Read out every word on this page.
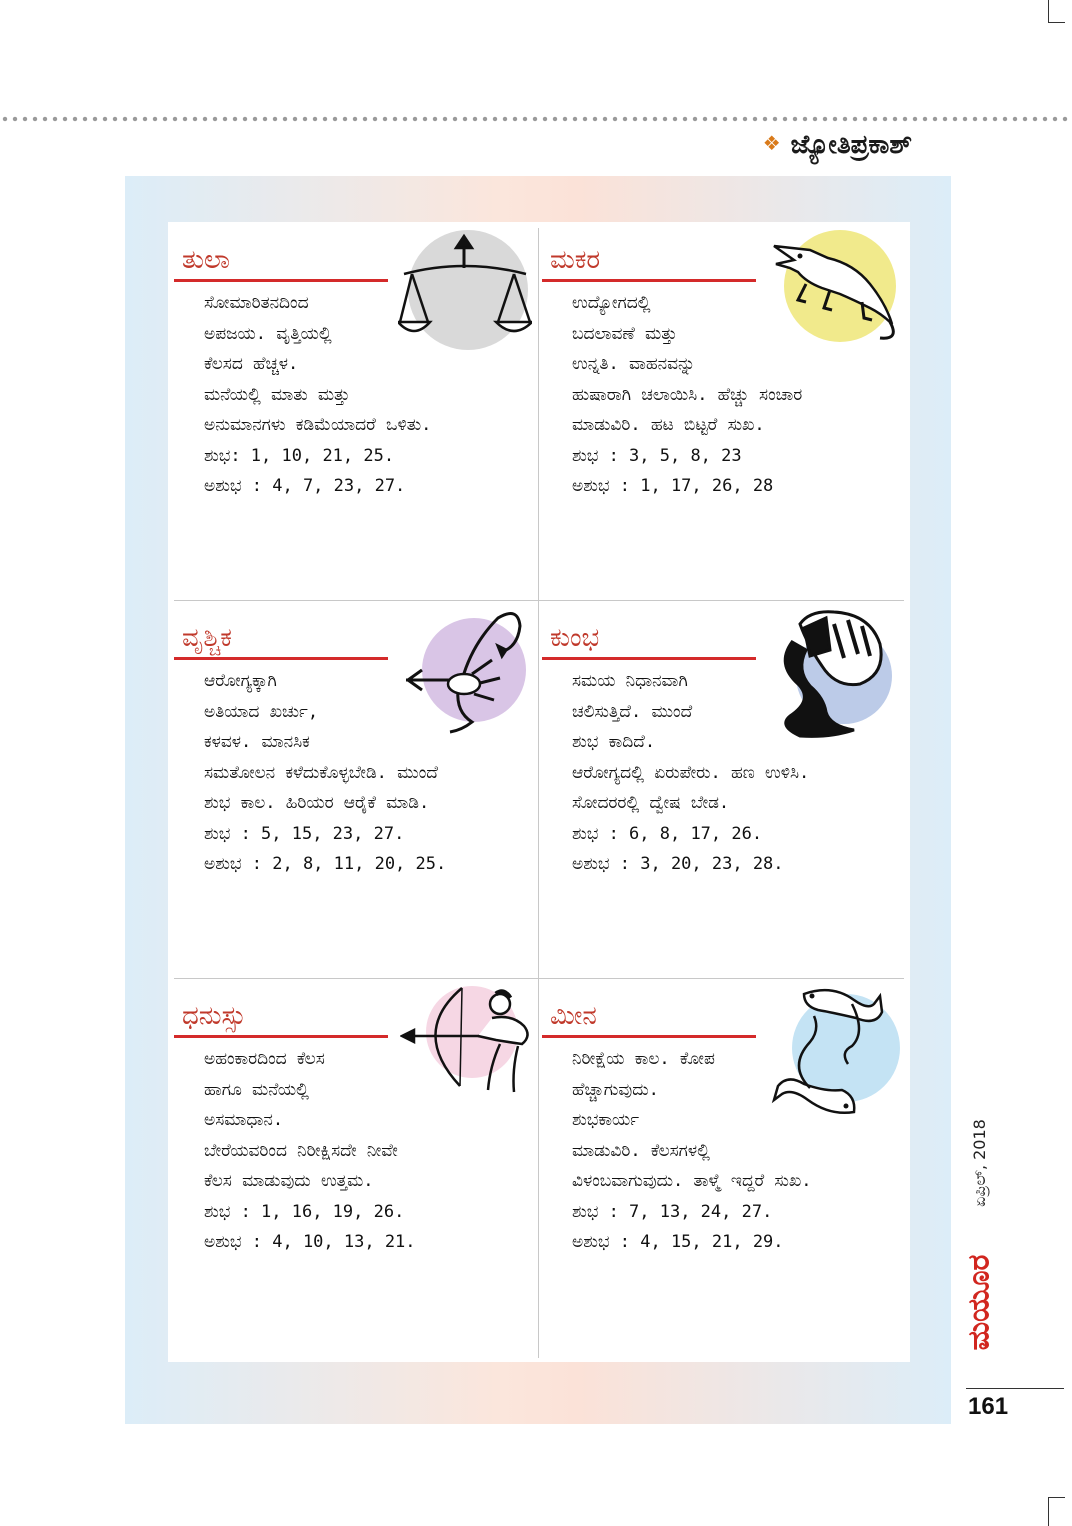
❖ ಜ್ಯೋತಿಪ್ರಕಾಶ್
ತುಲಾ
ಸೋಮಾರಿತನದಿಂದ
ಅಪಜಯ. ವೃತ್ತಿಯಲ್ಲಿ
ಕೆಲಸದ ಹೆಚ್ಚಳ.
ಮನೆಯಲ್ಲಿ ಮಾತು ಮತ್ತು
ಅನುಮಾನಗಳು ಕಡಿಮೆಯಾದರೆ ಒಳಿತು.
ಶುಭ: 1, 10, 21, 25.
ಅಶುಭ : 4, 7, 23, 27.
ಮಕರ
ಉದ್ಯೋಗದಲ್ಲಿ
ಬದಲಾವಣೆ ಮತ್ತು
ಉನ್ನತಿ. ವಾಹನವನ್ನು
ಹುಷಾರಾಗಿ ಚಲಾಯಿಸಿ. ಹೆಚ್ಚು ಸಂಚಾರ
ಮಾಡುವಿರಿ. ಹಟ ಬಿಟ್ಟರೆ ಸುಖ.
ಶುಭ : 3, 5, 8, 23
ಅಶುಭ : 1, 17, 26, 28
ವೃಶ್ಚಿಕ
ಆರೋಗ್ಯಕ್ಕಾಗಿ
ಅತಿಯಾದ ಖರ್ಚು,
ಕಳವಳ. ಮಾನಸಿಕ
ಸಮತೋಲನ ಕಳೆದುಕೊಳ್ಳಬೇಡಿ. ಮುಂದೆ
ಶುಭ ಕಾಲ. ಹಿರಿಯರ ಆರೈಕೆ ಮಾಡಿ.
ಶುಭ : 5, 15, 23, 27.
ಅಶುಭ : 2, 8, 11, 20, 25.
ಕುಂಭ
ಸಮಯ ನಿಧಾನವಾಗಿ
ಚಲಿಸುತ್ತಿದೆ. ಮುಂದೆ
ಶುಭ ಕಾದಿದೆ.
ಆರೋಗ್ಯದಲ್ಲಿ ಏರುಪೇರು. ಹಣ ಉಳಿಸಿ.
ಸೋದರರಲ್ಲಿ ದ್ವೇಷ ಬೇಡ.
ಶುಭ : 6, 8, 17, 26.
ಅಶುಭ : 3, 20, 23, 28.
ಧನುಸ್ಸು
ಅಹಂಕಾರದಿಂದ ಕೆಲಸ
ಹಾಗೂ ಮನೆಯಲ್ಲಿ
ಅಸಮಾಧಾನ.
ಬೇರೆಯವರಿಂದ ನಿರೀಕ್ಷಿಸದೇ ನೀವೇ
ಕೆಲಸ ಮಾಡುವುದು ಉತ್ತಮ.
ಶುಭ : 1, 16, 19, 26.
ಅಶುಭ : 4, 10, 13, 21.
ಮೀನ
ನಿರೀಕ್ಷೆಯ ಕಾಲ. ಕೋಪ
ಹೆಚ್ಚಾಗುವುದು.
ಶುಭಕಾರ್ಯ
ಮಾಡುವಿರಿ. ಕೆಲಸಗಳಲ್ಲಿ
ವಿಳಂಬವಾಗುವುದು. ತಾಳ್ಮೆ ಇದ್ದರೆ ಸುಖ.
ಶುಭ : 7, 13, 24, 27.
ಅಶುಭ : 4, 15, 21, 29.
ಏಪ್ರಿಲ್, 2018
ಮಯೂರ
161
